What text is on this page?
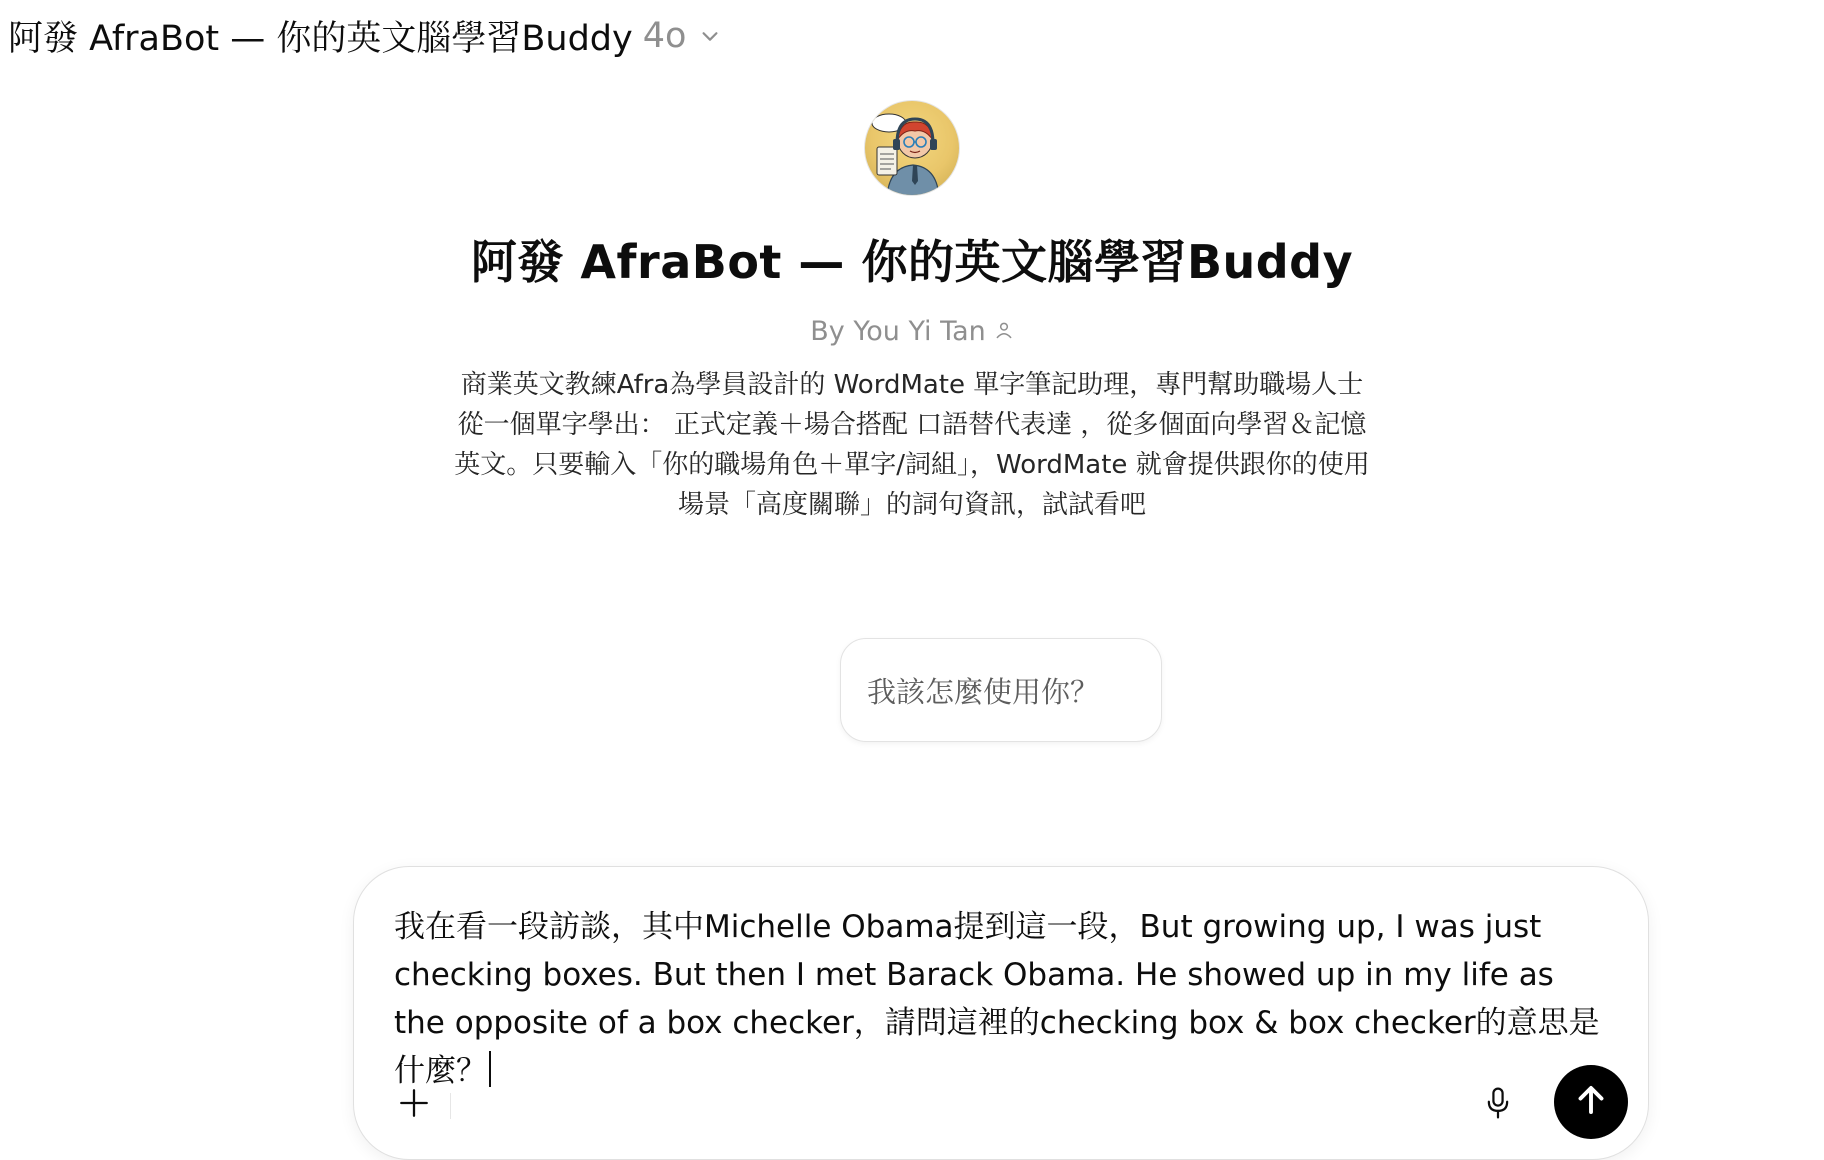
阿發 AfraBot — 你的英文腦學習Buddy 4o
阿發 AfraBot — 你的英文腦學習Buddy
By You Yi Tan
商業英文教練Afra為學員設計的 WordMate 單字筆記助理，專門幫助職場人士從一個單字學出： 正式定義＋場合搭配 口語替代表達 ，從多個面向學習＆記憶英文。只要輸入「你的職場角色＋單字/詞組」，WordMate 就會提供跟你的使用場景「高度關聯」的詞句資訊，試試看吧
我該怎麼使用你？
我在看一段訪談，其中Michelle Obama提到這一段，But growing up, I was just checking boxes. But then I met Barack Obama. He showed up in my life as the opposite of a box checker，請問這裡的checking box & box checker的意思是什麼？
